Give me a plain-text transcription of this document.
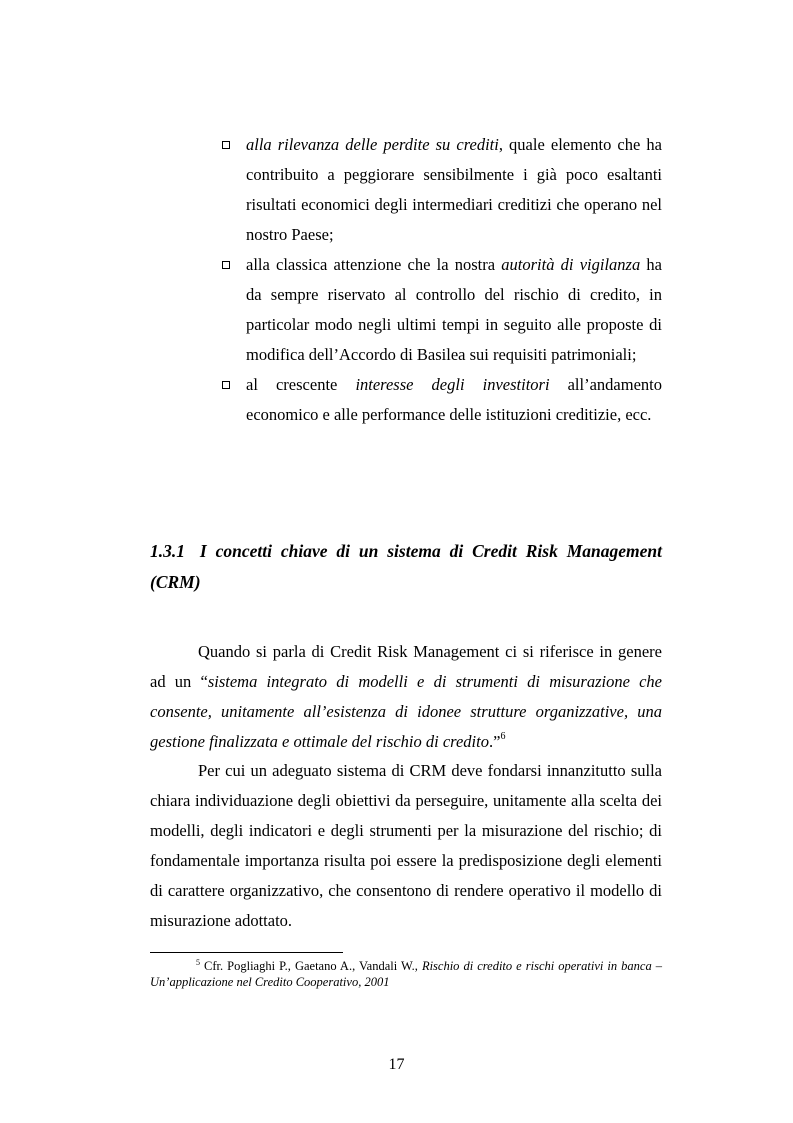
alla rilevanza delle perdite su crediti, quale elemento che ha contribuito a peggiorare sensibilmente i già poco esaltanti risultati economici degli intermediari creditizi che operano nel nostro Paese;

alla classica attenzione che la nostra autorità di vigilanza ha da sempre riservato al controllo del rischio di credito, in particolar modo negli ultimi tempi in seguito alle proposte di modifica dell’Accordo di Basilea sui requisiti patrimoniali;

al crescente interesse degli investitori all’andamento economico e alle performance delle istituzioni creditizie, ecc.

1.3.1 I concetti chiave di un sistema di Credit Risk Management (CRM)

Quando si parla di Credit Risk Management ci si riferisce in genere ad un “sistema integrato di modelli e di strumenti di misurazione che consente, unitamente all’esistenza di idonee strutture organizzative, una gestione finalizzata e ottimale del rischio di credito.”$^6$

Per cui un adeguato sistema di CRM deve fondarsi innanzitutto sulla chiara individuazione degli obiettivi da perseguire, unitamente alla scelta dei modelli, degli indicatori e degli strumenti per la misurazione del rischio; di fondamentale importanza risulta poi essere la predisposizione degli elementi di carattere organizzativo, che consentono di rendere operativo il modello di misurazione adottato.

$^5$ Cfr. Pogliaghi P., Gaetano A., Vandali W., Rischio di credito e rischi operativi in banca – Un’applicazione nel Credito Cooperativo, 2001

17
